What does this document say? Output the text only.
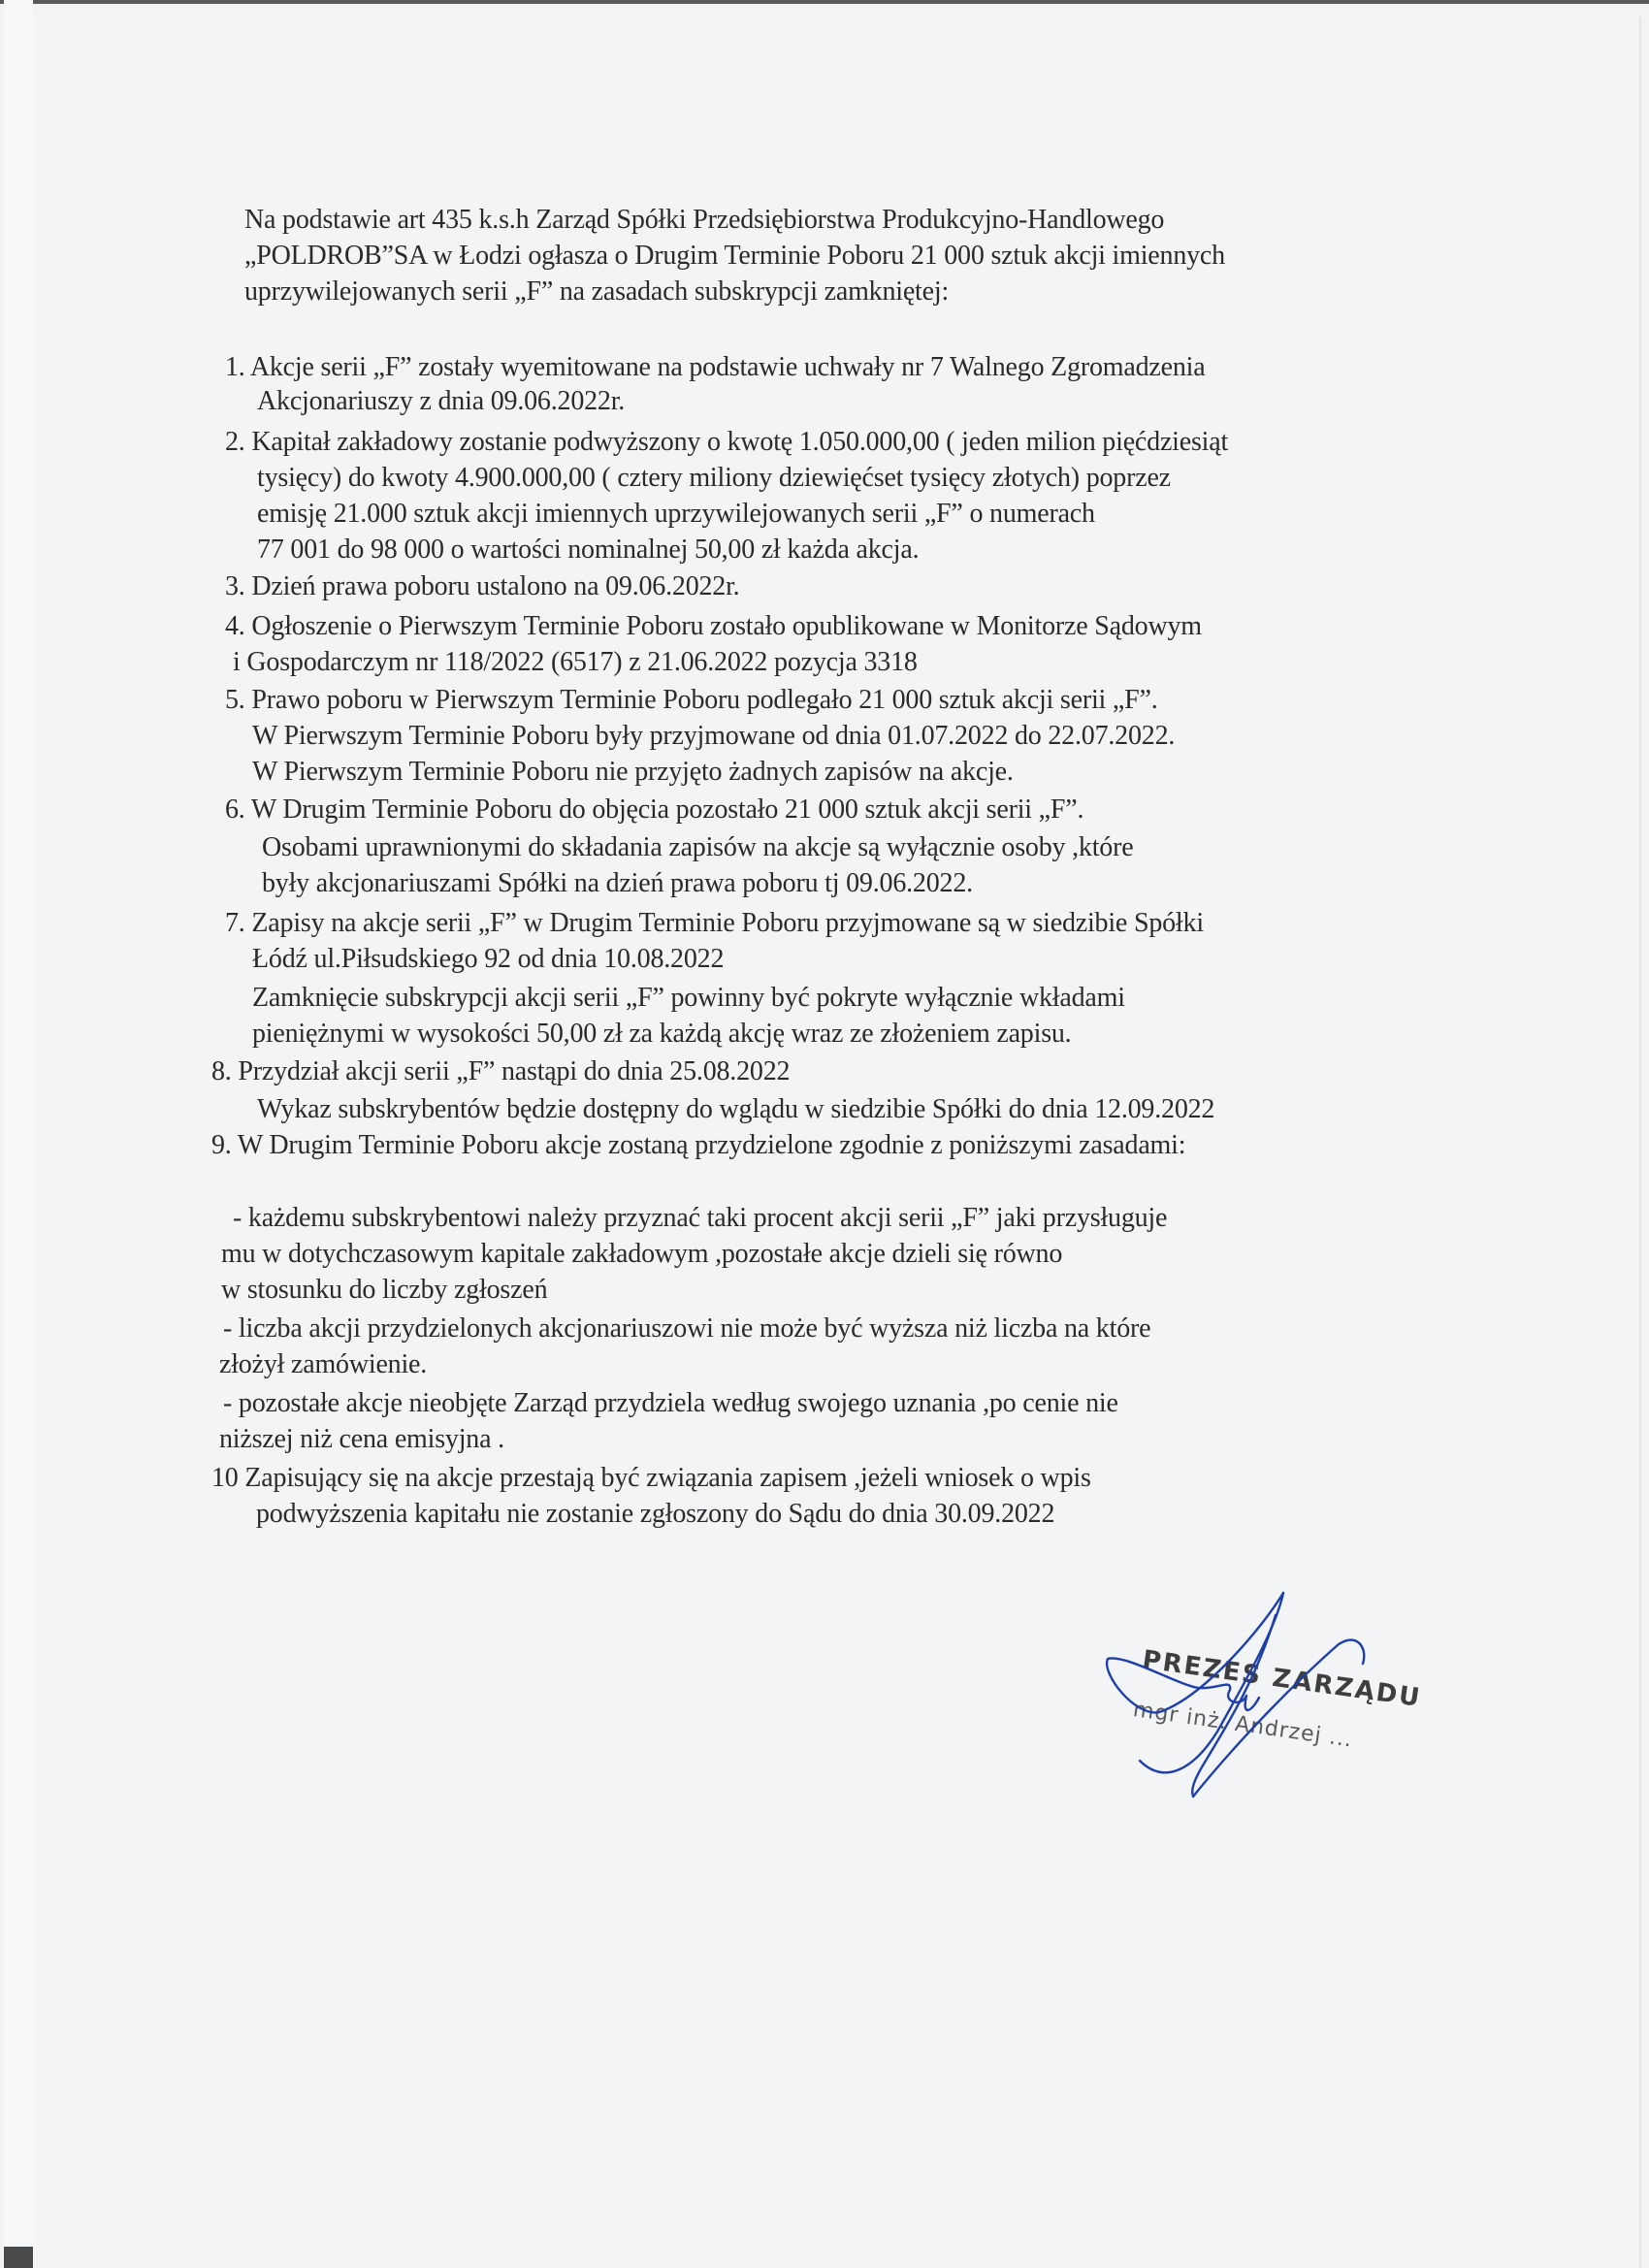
Na podstawie art 435 k.s.h Zarząd Spółki Przedsiębiorstwa Produkcyjno-Handlowego
„POLDROB”SA w Łodzi ogłasza o Drugim Terminie Poboru 21 000 sztuk akcji imiennych
uprzywilejowanych serii „F” na zasadach subskrypcji zamkniętej:
1. Akcje serii „F” zostały wyemitowane na podstawie uchwały nr 7 Walnego Zgromadzenia
Akcjonariuszy z dnia 09.06.2022r.
2. Kapitał zakładowy zostanie podwyższony o kwotę 1.050.000,00 ( jeden milion pięćdziesiąt
tysięcy) do kwoty 4.900.000,00 ( cztery miliony dziewięćset tysięcy złotych) poprzez
emisję 21.000 sztuk akcji imiennych uprzywilejowanych serii „F” o numerach
77 001 do 98 000 o wartości nominalnej 50,00 zł każda akcja.
3. Dzień prawa poboru ustalono na 09.06.2022r.
4. Ogłoszenie o Pierwszym Terminie Poboru zostało opublikowane w Monitorze Sądowym
i Gospodarczym nr 118/2022 (6517) z 21.06.2022 pozycja 3318
5. Prawo poboru w Pierwszym Terminie Poboru podlegało 21 000 sztuk akcji serii „F”.
W Pierwszym Terminie Poboru były przyjmowane od dnia 01.07.2022 do 22.07.2022.
W Pierwszym Terminie Poboru nie przyjęto żadnych zapisów na akcje.
6. W Drugim Terminie Poboru do objęcia pozostało 21 000 sztuk akcji serii „F”.
Osobami uprawnionymi do składania zapisów na akcje są wyłącznie osoby ,które
były akcjonariuszami Spółki na dzień prawa poboru tj 09.06.2022.
7. Zapisy na akcje serii „F” w Drugim Terminie Poboru przyjmowane są w siedzibie Spółki
Łódź ul.Piłsudskiego 92 od dnia 10.08.2022
Zamknięcie subskrypcji akcji serii „F” powinny być pokryte wyłącznie wkładami
pieniężnymi w wysokości 50,00 zł za każdą akcję wraz ze złożeniem zapisu.
8. Przydział akcji serii „F” nastąpi do dnia 25.08.2022
Wykaz subskrybentów będzie dostępny do wglądu w siedzibie Spółki do dnia 12.09.2022
9. W Drugim Terminie Poboru akcje zostaną przydzielone zgodnie z poniższymi zasadami:
- każdemu subskrybentowi należy przyznać taki procent akcji serii „F” jaki przysługuje
mu w dotychczasowym kapitale zakładowym ,pozostałe akcje dzieli się równo
w stosunku do liczby zgłoszeń
- liczba akcji przydzielonych akcjonariuszowi nie może być wyższa niż liczba na które
złożył zamówienie.
- pozostałe akcje nieobjęte Zarząd przydziela według swojego uznania ,po cenie nie
niższej niż cena emisyjna .
10 Zapisujący się na akcje przestają być związania zapisem ,jeżeli wniosek o wpis
podwyższenia kapitału nie zostanie zgłoszony do Sądu do dnia 30.09.2022
PREZES ZARZĄDU
mgr inż. Andrzej ...
